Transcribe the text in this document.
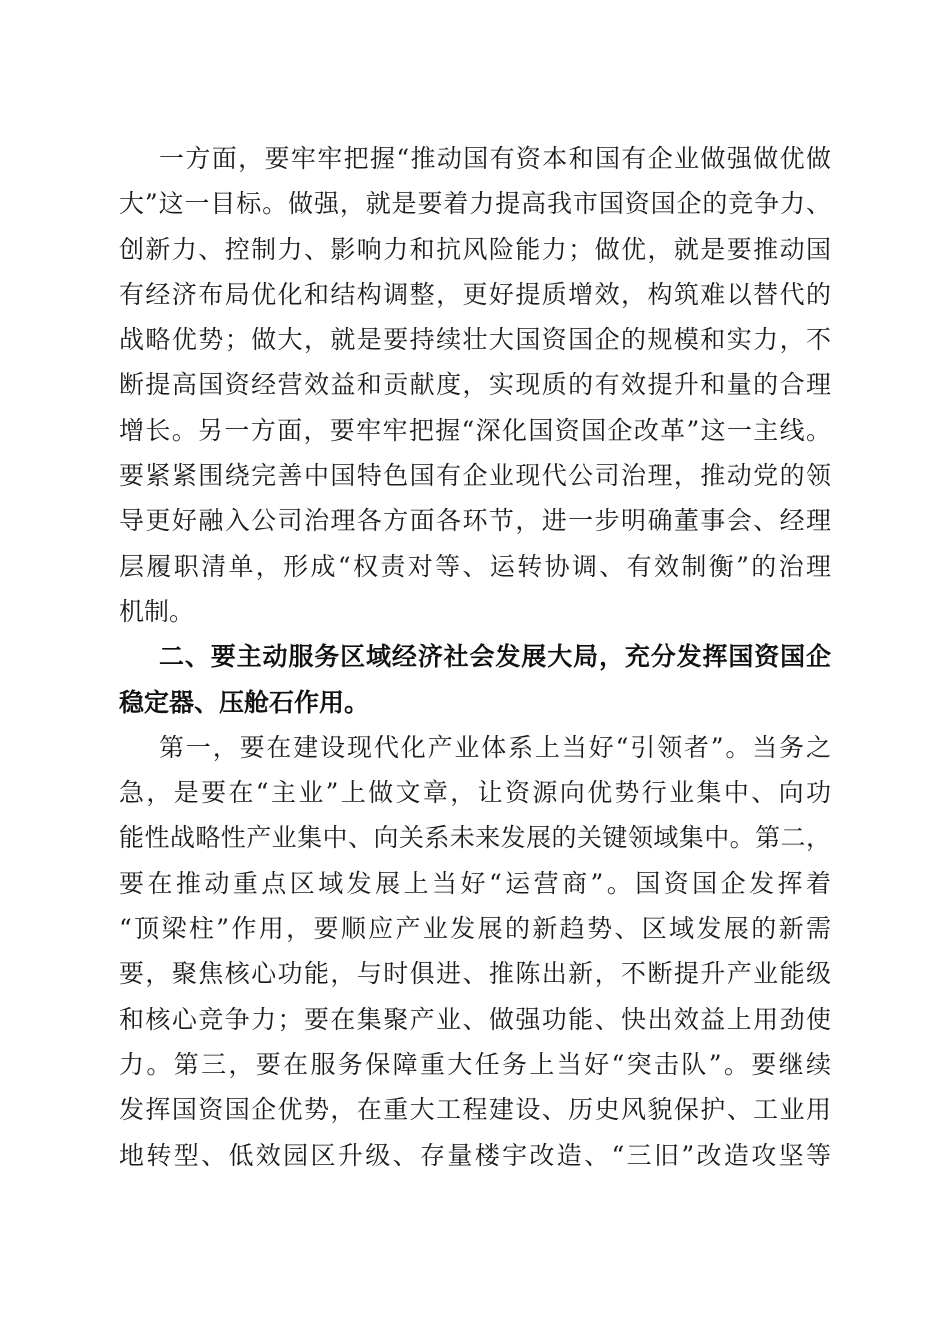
一方面，要牢牢把握“推动国有资本和国有企业做强做优做
大”这一目标。做强，就是要着力提高我市国资国企的竞争力、
创新力、控制力、影响力和抗风险能力；做优，就是要推动国
有经济布局优化和结构调整，更好提质增效，构筑难以替代的
战略优势；做大，就是要持续壮大国资国企的规模和实力，不
断提高国资经营效益和贡献度，实现质的有效提升和量的合理
增长。另一方面，要牢牢把握“深化国资国企改革”这一主线。
要紧紧围绕完善中国特色国有企业现代公司治理，推动党的领
导更好融入公司治理各方面各环节，进一步明确董事会、经理
层履职清单，形成“权责对等、运转协调、有效制衡”的治理
机制。
二、要主动服务区域经济社会发展大局，充分发挥国资国企
稳定器、压舱石作用。
第一，要在建设现代化产业体系上当好“引领者”。当务之
急，是要在“主业”上做文章，让资源向优势行业集中、向功
能性战略性产业集中、向关系未来发展的关键领域集中。第二，
要在推动重点区域发展上当好“运营商”。国资国企发挥着
“顶梁柱”作用，要顺应产业发展的新趋势、区域发展的新需
要，聚焦核心功能，与时俱进、推陈出新，不断提升产业能级
和核心竞争力；要在集聚产业、做强功能、快出效益上用劲使
力。第三，要在服务保障重大任务上当好“突击队”。要继续
发挥国资国企优势，在重大工程建设、历史风貌保护、工业用
地转型、低效园区升级、存量楼宇改造、“三旧”改造攻坚等
